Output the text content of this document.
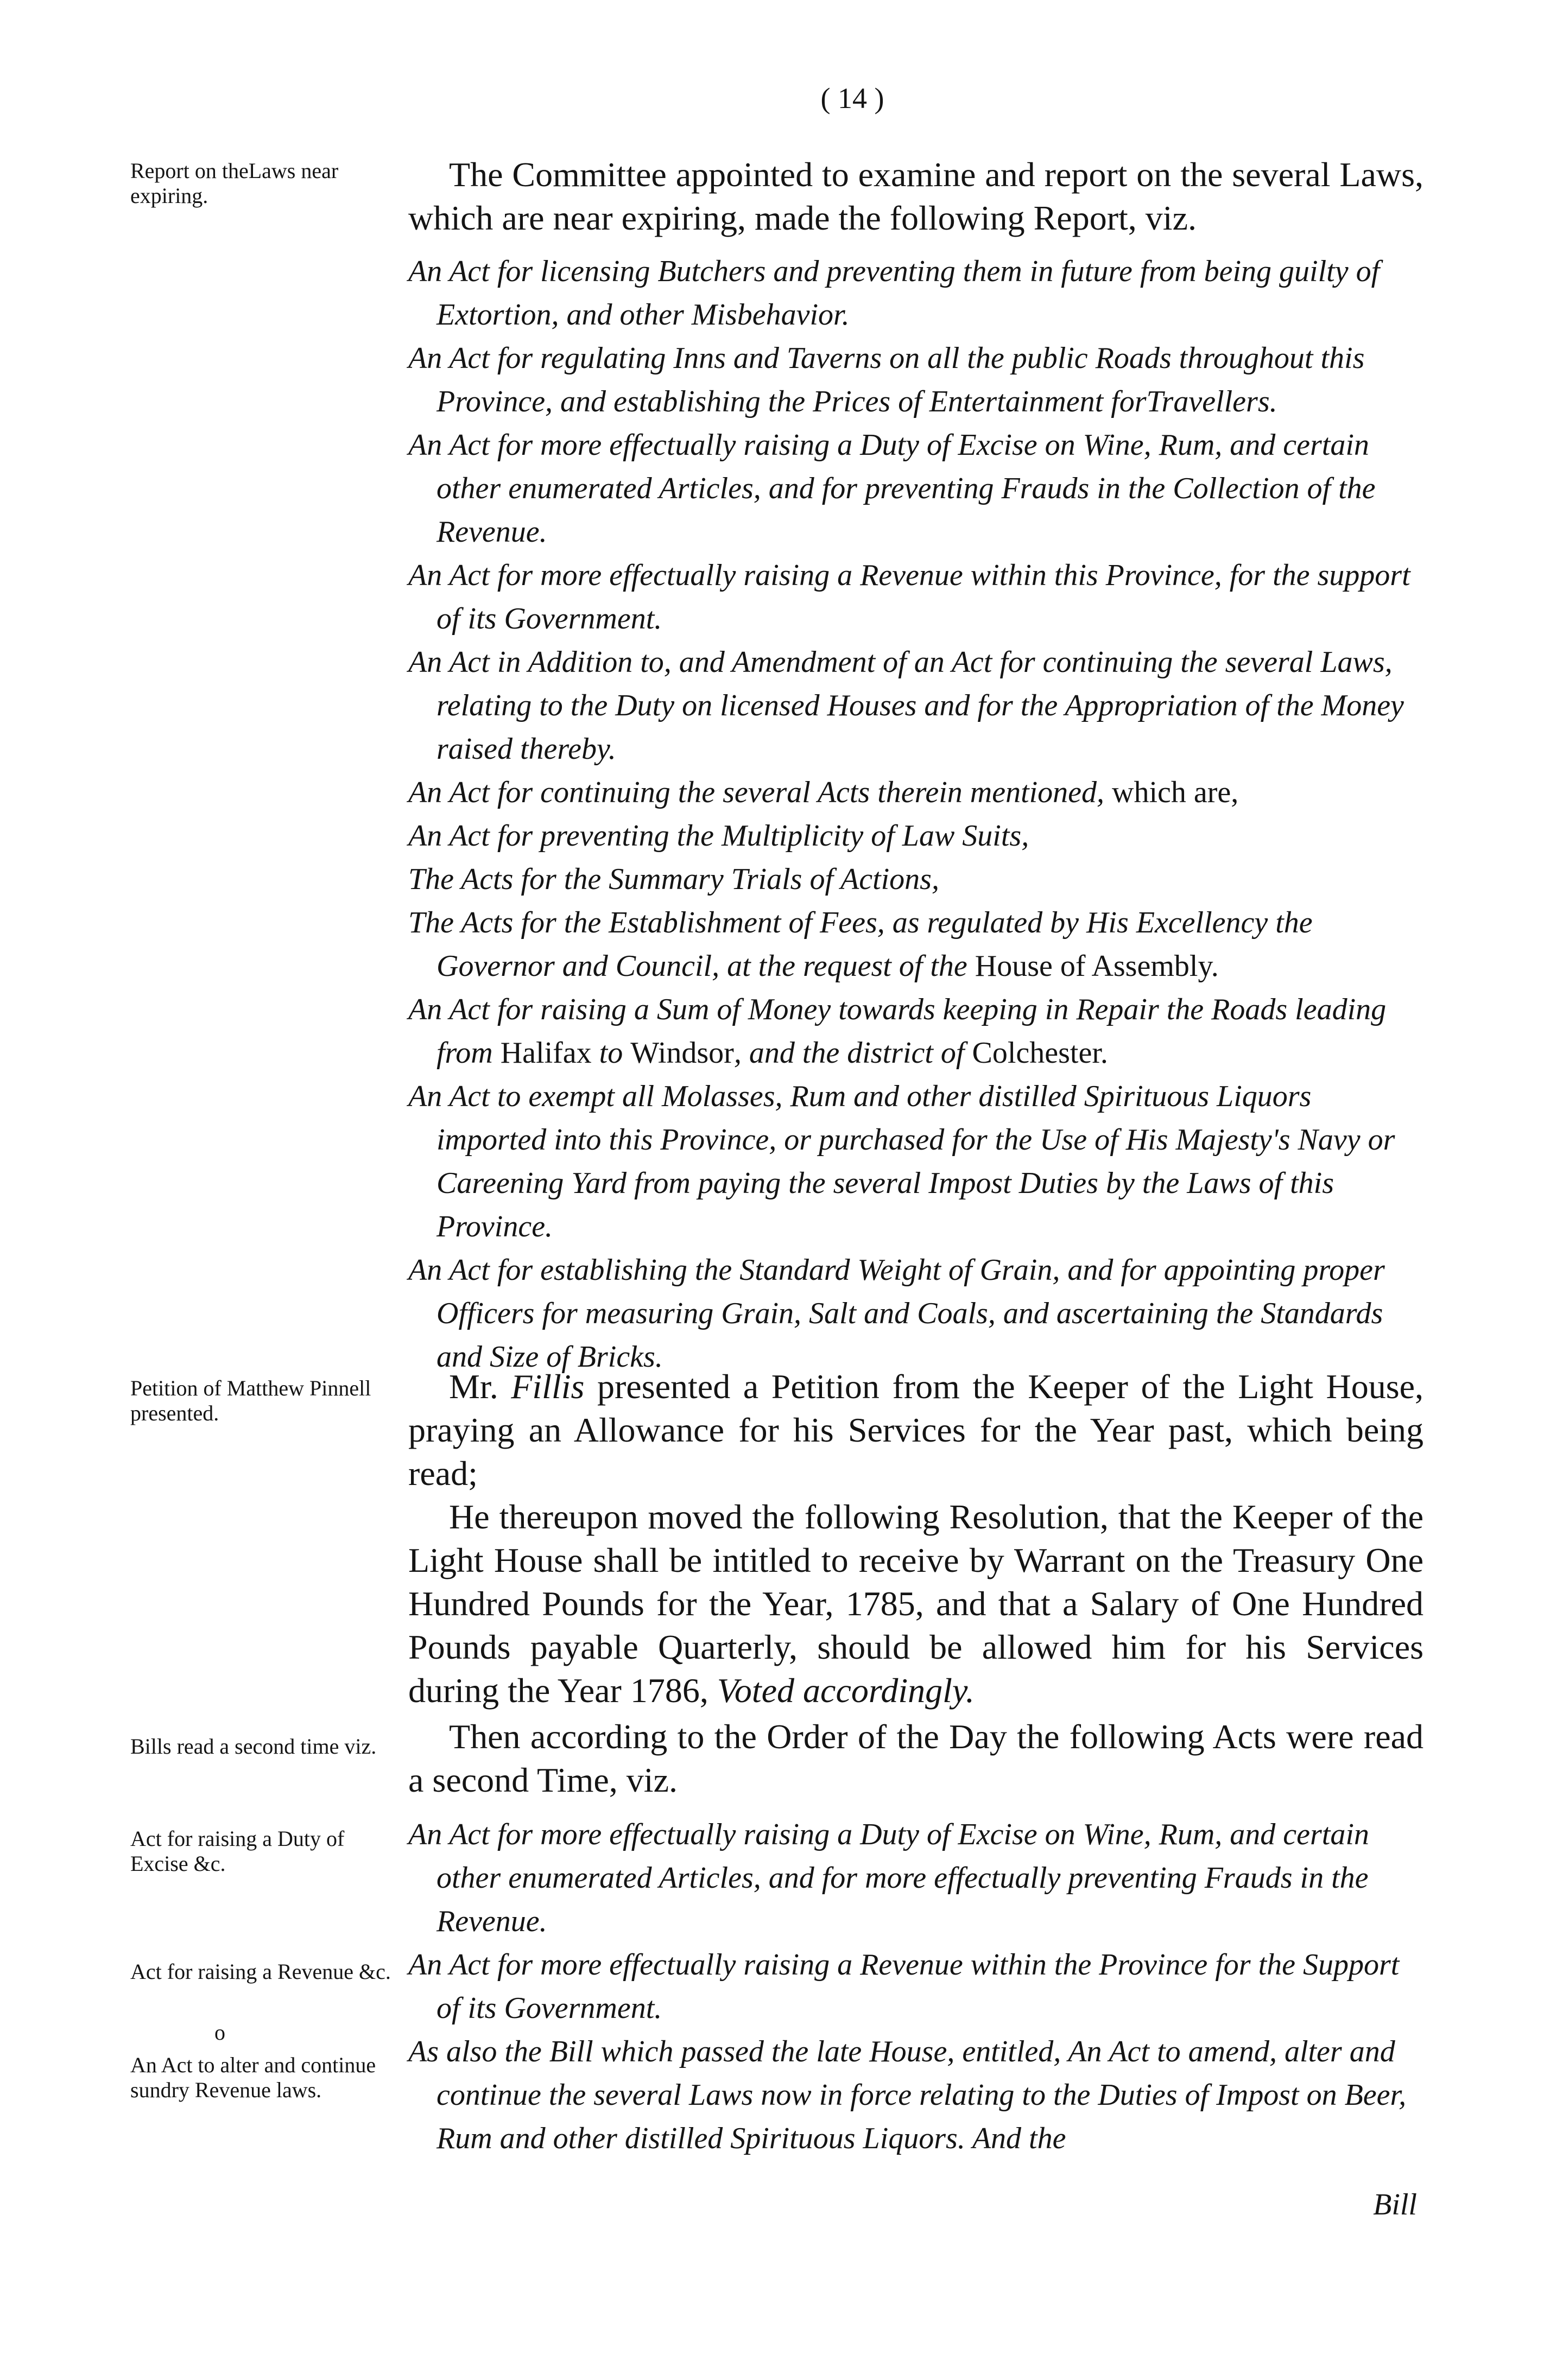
( 14 )
Report on theLaws near expiring.
Petition of Matthew Pinnell presented.
Bills read a second time viz.
Act for raising a Duty of Excise &c.
Act for raising a Revenue &c.
o
An Act to alter and continue sundry Revenue laws.
The Committee appointed to examine and report on the several Laws, which are near expiring, made the following Report, viz.
An Act for licensing Butchers and preventing them in future from being guilty of Extortion, and other Misbehavior.
An Act for regulating Inns and Taverns on all the public Roads throughout this Province, and establishing the Prices of Entertainment forTravellers.
An Act for more effectually raising a Duty of Excise on Wine, Rum, and certain other enumerated Articles, and for preventing Frauds in the Collection of the Revenue.
An Act for more effectually raising a Revenue within this Province, for the support of its Government.
An Act in Addition to, and Amendment of an Act for continuing the several Laws, relating to the Duty on licensed Houses and for the Appropriation of the Money raised thereby.
An Act for continuing the several Acts therein mentioned, which are,
An Act for preventing the Multiplicity of Law Suits,
The Acts for the Summary Trials of Actions,
The Acts for the Establishment of Fees, as regulated by His Excellency the Governor and Council, at the request of the House of Assembly.
An Act for raising a Sum of Money towards keeping in Repair the Roads leading from Halifax to Windsor, and the district of Colchester.
An Act to exempt all Molasses, Rum and other distilled Spirituous Liquors imported into this Province, or purchased for the Use of His Majesty's Navy or Careening Yard from paying the several Impost Duties by the Laws of this Province.
An Act for establishing the Standard Weight of Grain, and for appointing proper Officers for measuring Grain, Salt and Coals, and ascertaining the Standards and Size of Bricks.
Mr. Fillis presented a Petition from the Keeper of the Light House, praying an Allowance for his Services for the Year past, which being read;
He thereupon moved the following Resolution, that the Keeper of the Light House shall be intitled to receive by Warrant on the Treasury One Hundred Pounds for the Year, 1785, and that a Salary of One Hundred Pounds payable Quarterly, should be allowed him for his Services during the Year 1786, Voted accordingly.
Then according to the Order of the Day the following Acts were read a second Time, viz.
An Act for more effectually raising a Duty of Excise on Wine, Rum, and certain other enumerated Articles, and for more effectually preventing Frauds in the Revenue.
An Act for more effectually raising a Revenue within the Province for the Support of its Government.
As also the Bill which passed the late House, entitled, An Act to amend, alter and continue the several Laws now in force relating to the Duties of Impost on Beer, Rum and other distilled Spirituous Liquors. And the
Bill
